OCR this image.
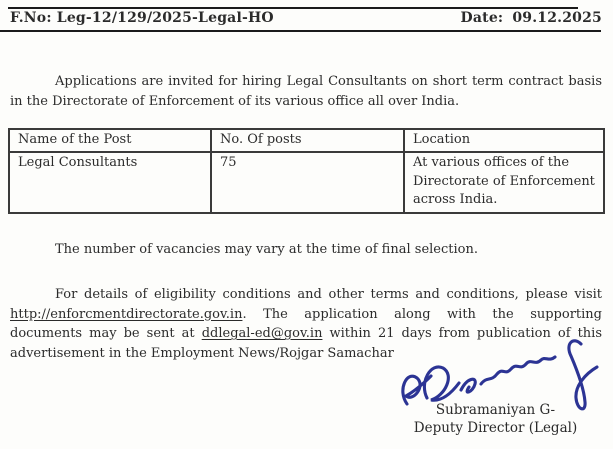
F.No: Leg-12/129/2025-Legal-HO	Date: 09.12.2025

Applications are invited for hiring Legal Consultants on short term contract basis in the Directorate of Enforcement of its various office all over India.

Name of the Post	No. Of posts	Location
Legal Consultants	75	At various offices of the Directorate of Enforcement across India.

The number of vacancies may vary at the time of final selection.

For details of eligibility conditions and other terms and conditions, please visit http://enforcmentdirectorate.gov.in. The application along with the supporting documents may be sent at ddlegal-ed@gov.in within 21 days from publication of this advertisement in the Employment News/Rojgar Samachar

Subramaniyan G-
Deputy Director (Legal)
